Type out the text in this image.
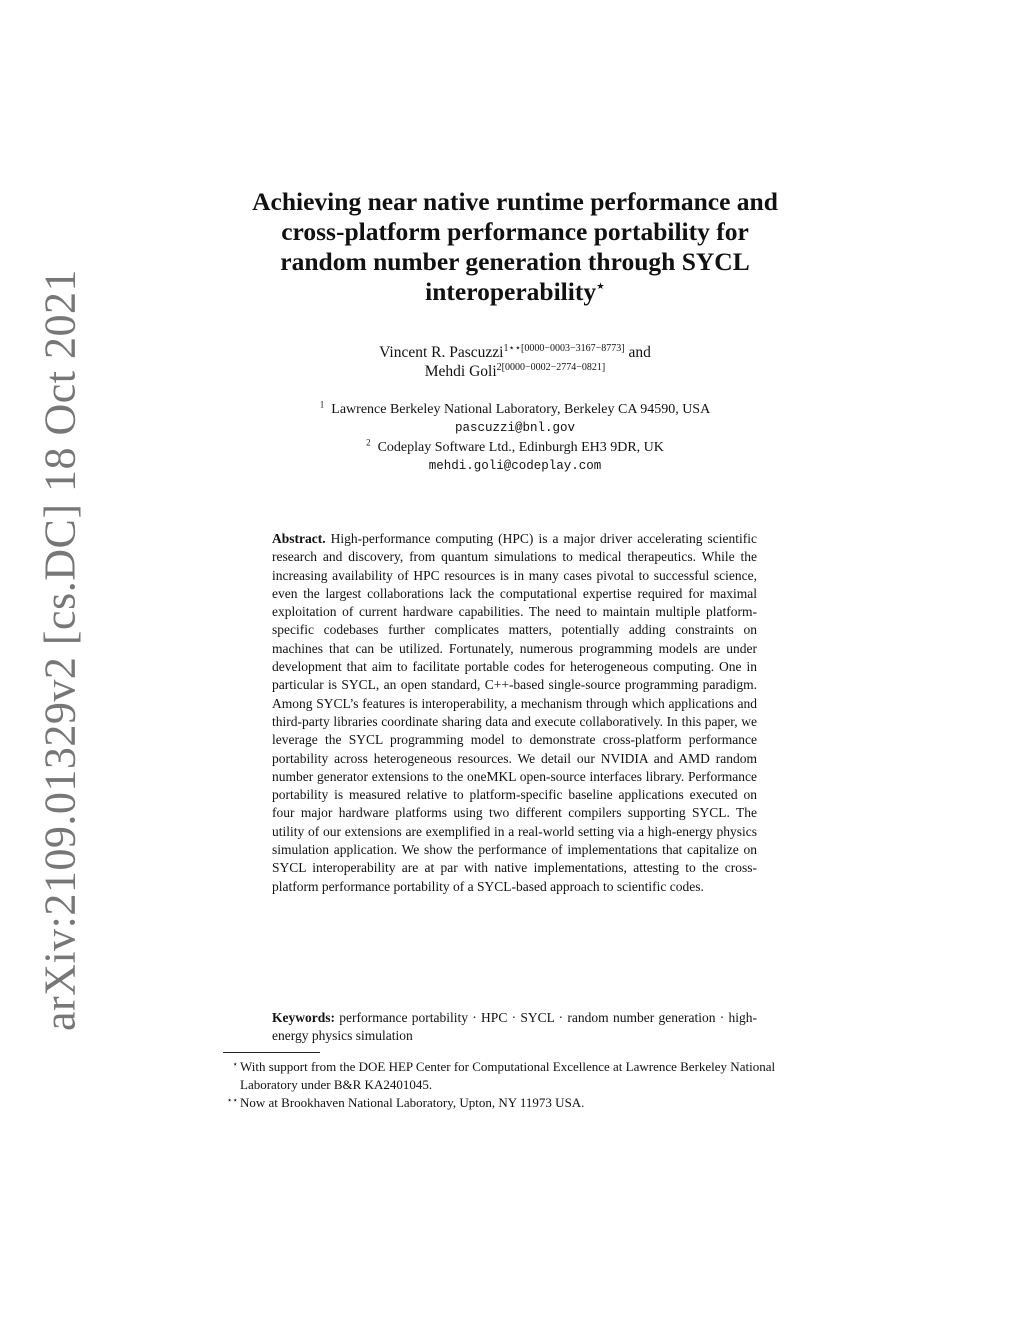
arXiv:2109.01329v2 [cs.DC] 18 Oct 2021
Achieving near native runtime performance and
cross-platform performance portability for
random number generation through SYCL
interoperability⋆
Vincent R. Pascuzzi$^{1⋆⋆[0000-0003-3167-8773]}$ and
Mehdi Goli$^{2[0000-0002-2774-0821]}$
$^1$ Lawrence Berkeley National Laboratory, Berkeley CA 94590, USA
pascuzzi@bnl.gov
$^2$ Codeplay Software Ltd., Edinburgh EH3 9DR, UK
mehdi.goli@codeplay.com

Abstract. High-performance computing (HPC) is a major driver accelerating scientific research and discovery, from quantum simulations to medical therapeutics. While the increasing availability of HPC resources is in many cases pivotal to successful science, even the largest collaborations lack the computational expertise required for maximal exploitation of current hardware capabilities. The need to maintain multiple platform-specific codebases further complicates matters, potentially adding constraints on machines that can be utilized. Fortunately, numerous programming models are under development that aim to facilitate portable codes for heterogeneous computing. One in particular is SYCL, an open standard, C++-based single-source programming paradigm. Among SYCL’s features is interoperability, a mechanism through which applications and third-party libraries coordinate sharing data and execute collaboratively. In this paper, we leverage the SYCL programming model to demonstrate cross-platform performance portability across heterogeneous resources. We detail our NVIDIA and AMD random number generator extensions to the oneMKL open-source interfaces library. Performance portability is measured relative to platform-specific baseline applications executed on four major hardware platforms using two different compilers supporting SYCL. The utility of our extensions are exemplified in a real-world setting via a high-energy physics simulation application. We show the performance of implementations that capitalize on SYCL interoperability are at par with native implementations, attesting to the cross-platform performance portability of a SYCL-based approach to scientific codes.

Keywords: performance portability · HPC · SYCL · random number generation · high-energy physics simulation

⋆ With support from the DOE HEP Center for Computational Excellence at Lawrence Berkeley National Laboratory under B&R KA2401045.

⋆⋆ Now at Brookhaven National Laboratory, Upton, NY 11973 USA.
